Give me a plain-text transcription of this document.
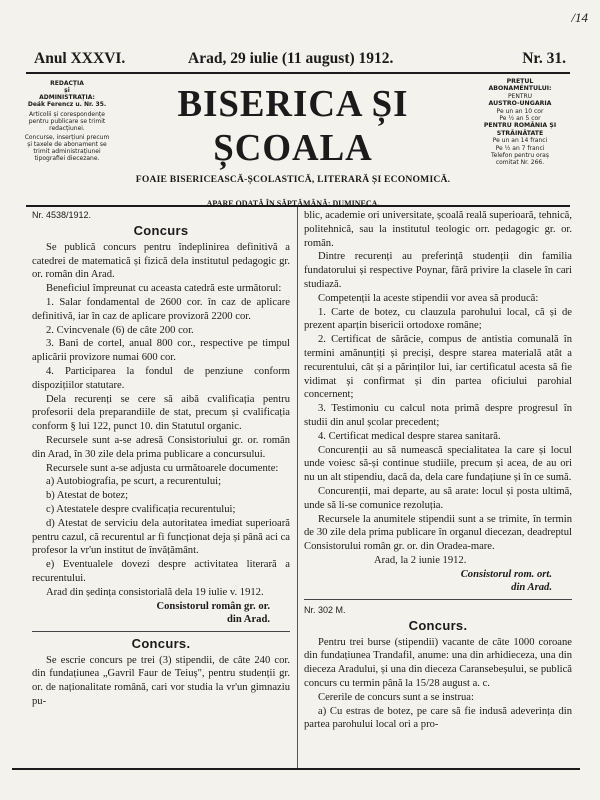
/14
Anul XXXVI.	Arad, 29 iulie (11 august) 1912.	Nr. 31.
REDACȚIA
și
ADMINISTRAȚIA:
Deák Ferencz u. Nr. 35.
Articolii și corespondențe pentru publicare se trimit redacțiunei.
Concurse, inserțiuni precum și taxele de abonament se trimit administrațiunei tipografiei diecezane.
BISERICA ȘI ȘCOALA
FOAIE BISERICEASCĂ-ȘCOLASTICĂ, LITERARĂ ȘI ECONOMICĂ.
APARE ODATĂ ÎN SĂPTĂMÂNĂ: DUMINECA.
PREȚUL
ABONAMENTULUI:
PENTRU
AUSTRO-UNGARIA
Pe un an 10 cor
Pe ½ an 5 cor
PENTRU ROMÂNIA ȘI
STRĂINĂTATE
Pe un an 14 franci
Pe ½ an 7 franci
Telefon pentru oraș
comitat Nr. 266.

Nr. 4538/1912.

Concurs

Se publică concurs pentru îndeplinirea definitivă a catedrei de matematică și fizică dela institutul pedagogic gr. or. român din Arad.

Beneficiul împreunat cu aceasta catedră este următorul:

1. Salar fondamental de 2600 cor. în caz de aplicare definitivă, iar în caz de aplicare provizoră 2200 cor.

2. Cvincvenale (6) de câte 200 cor.

3. Bani de cortel, anual 800 cor., respective pe timpul aplicării provizore numai 600 cor.

4. Participarea la fondul de penziune conform dispozițiilor statutare.

Dela recurenți se cere să aibă cvalificația pentru profesorii dela preparandiile de stat, precum și cvalificația conform § lui 122, punct 10. din Statutul organic.

Recursele sunt a-se adresă Consistoriului gr. or. român din Arad, în 30 zile dela prima publicare a concursului.

Recursele sunt a-se adjusta cu următoarele documente:

a) Autobiografia, pe scurt, a recurentului;

b) Atestat de botez;

c) Atestatele despre cvalificația recurentului;

d) Atestat de serviciu dela autoritatea imediat superioară pentru cazul, că recurentul ar fi funcționat deja și până aci ca profesor la vr'un institut de învățământ.

e) Eventualele dovezi despre activitatea literară a recurentului.

Arad din ședința consistorială dela 19 iulie v. 1912.

Consistorul român gr. or.

din Arad.

Concurs.

Se escrie concurs pe trei (3) stipendii, de câte 240 cor. din fundațiunea „Gavril Faur de Teiuș", pentru studenții gr. or. de naționalitate română, cari vor studia la vr'un gimnaziu pu-

blic, academie ori universitate, școală reală superioară, tehnică, politehnică, sau la institutul teologic orr. pedagogic gr. or. român.

Dintre recurenți au preferință studenții din familia fundatorului și respective Poynar, fără privire la clasele în cari studiază.

Competenții la aceste stipendii vor avea să producă:

1. Carte de botez, cu clauzula parohului local, că și de prezent aparțin bisericii ortodoxe române;

2. Certificat de sărăcie, compus de antistia comunală în termini amănunțiți și preciși, despre starea materială atât a recurentului, cât și a părinților lui, iar certificatul acesta să fie vidimat și confirmat și din partea oficiului parohial concernent;

3. Testimoniu cu calcul nota primă despre progresul în studii din anul școlar precedent;

4. Certificat medical despre starea sanitară.

Concurenții au să numească specialitatea la care și locul unde voiesc să-și continue studiile, precum și acea, de au ori nu un alt stipendiu, dacă da, dela care fundațiune și în ce sumă.

Concurenții, mai departe, au să arate: locul și posta ultimă, unde să li-se comunice rezoluția.

Recursele la anumitele stipendii sunt a se trimite, în termin de 30 zile dela prima publicare în organul diecezan, deadreptul Consistorului român gr. or. din Oradea-mare.

Arad, la 2 iunie 1912.

Consistorul rom. ort.

din Arad.

Nr. 302 M.

Concurs.

Pentru trei burse (stipendii) vacante de câte 1000 coroane din fundațiunea Trandafil, anume: una din arhidieceza, una din dieceza Aradului, și una din dieceza Caransebeșului, se publică concurs cu termin până la 15/28 august a. c.

Cererile de concurs sunt a se instrua:

a) Cu estras de botez, pe care să fie indusă adeverința din partea parohului local ori a pro-
